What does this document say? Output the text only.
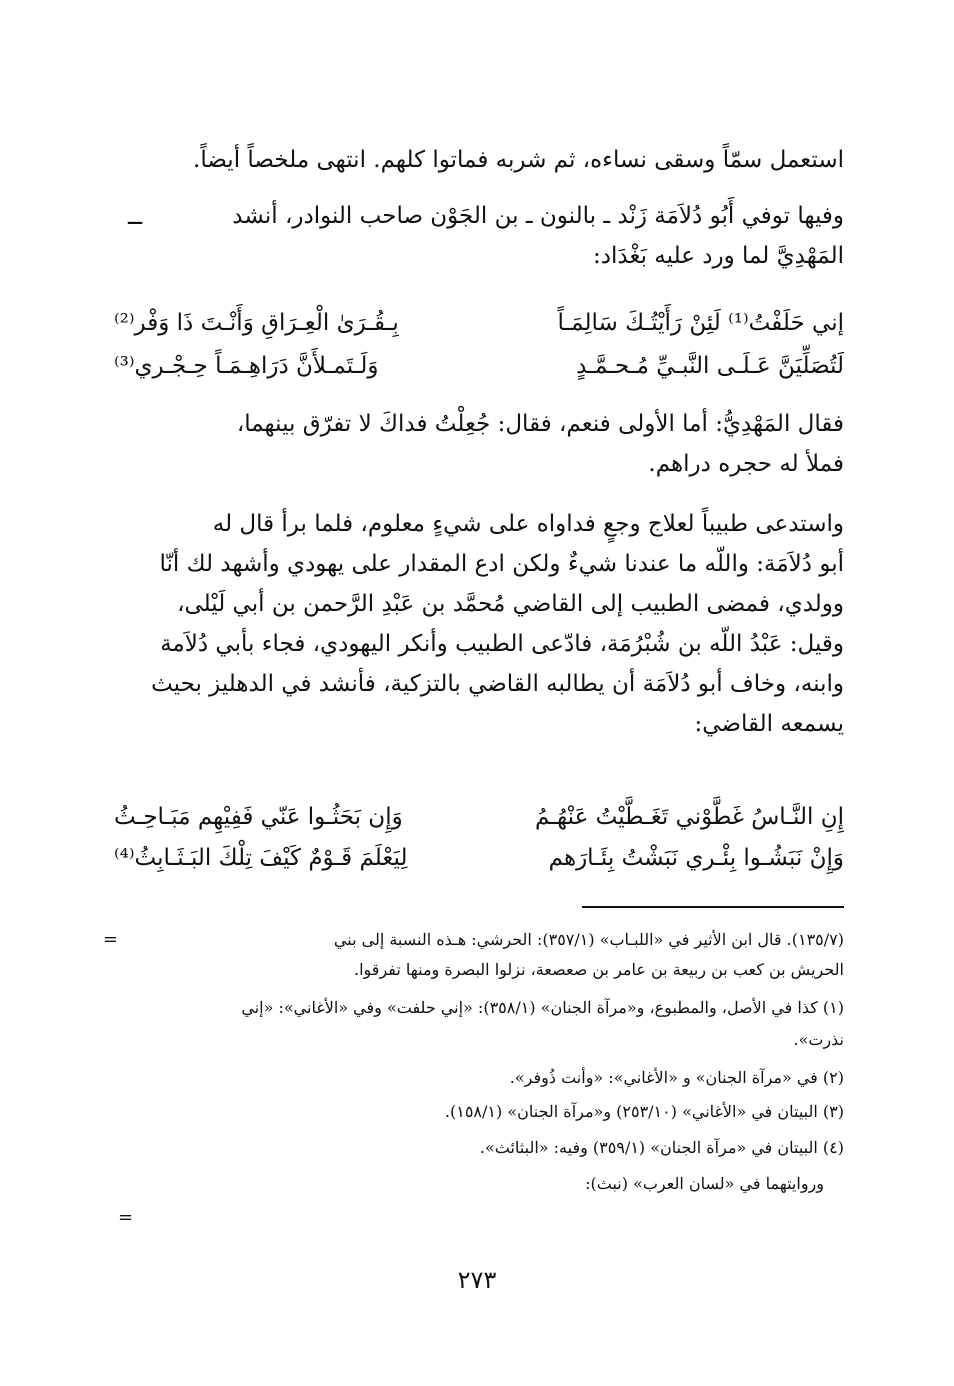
استعمل سمّاً وسقى نساءه، ثم شربه فماتوا كلهم. انتهى ملخصاً أيضاً.

ــ	وفيها توفي أَبُو دُلاَمَة زَنْد ـ بالنون ـ بن الجَوْن صاحب النوادر، أنشد

المَهْدِيَّ لما ورد عليه بَغْدَاد:

إني حَلَفْتُ⁽¹⁾ لَئِنْ رَأَيْتُـكَ سَالِمَـاً
بِـقُـرَىٰ الْعِـرَاقِ وَأَنْـتَ ذَا وَفْر⁽²⁾
لَتُصَلِّيَنَّ عَـلَـى النَّبـيِّ مُـحـمَّـدٍ
وَلَـتَمـلأَنَّ دَرَاهِـمَـاً حِـجْـري⁽³⁾

فقال المَهْدِيُّ: أما الأولى فنعم، فقال: جُعِلْتُ فداكَ لا تفرّق بينهما،

فملأ له حجره دراهم.

واستدعى طبيباً لعلاج وجعٍ فداواه على شيءٍ معلوم، فلما برأ قال له

أبو دُلاَمَة: واللّه ما عندنا شيءٌ ولكن ادع المقدار على يهودي وأشهد لك أنّا

وولدي، فمضى الطبيب إلى القاضي مُحمَّد بن عَبْدِ الرَّحمن بن أبي لَيْلى،

وقيل: عَبْدُ اللّه بن شُبْرُمَة، فادّعى الطبيب وأنكر اليهودي، فجاء بأبي دُلاَمة

وابنه، وخاف أبو دُلاَمَة أن يطالبه القاضي بالتزكية، فأنشد في الدهليز بحيث

يسمعه القاضي:

إِنِ النَّـاسُ غَطَّوْني تَغَـطَّيْتُ عَنْهُـمُ
وَإِن بَحَثُـوا عَنّي فَفِيْهِم مَبَـاحِـثُ
وَإِنْ نَبَشُـوا بِئْـري نَبَشْتُ بِئَـارَهم
لِيَعْلَمَ قَـوْمٌ كَيْفَ تِلْكَ البَـثَـابِثُ⁽⁴⁾
=	(١٣٥/٧). قال ابن الأثير في «اللبـاب» (٣٥٧/١): الحرشي: هـذه النسبة إلى بني
الحريش بن كعب بن ربيعة بن عامر بن صعصعة، نزلوا البصرة ومنها تفرقوا.
(١) كذا في الأصل، والمطبوع، و«مرآة الجنان» (٣٥٨/١): «إني حلفت» وفي «الأغاني»: «إني
نذرت».
(٢) في «مرآة الجنان» و «الأغاني»: «وأنت ذُوفر».
(٣) البيتان في «الأغاني» (٢٥٣/١٠) و«مرآة الجنان» (١٥٨/١).
(٤) البيتان في «مرآة الجنان» (٣٥٩/١) وفيه: «البثائث».
وروايتهما في «لسان العرب» (نبث):
=
٢٧٣
